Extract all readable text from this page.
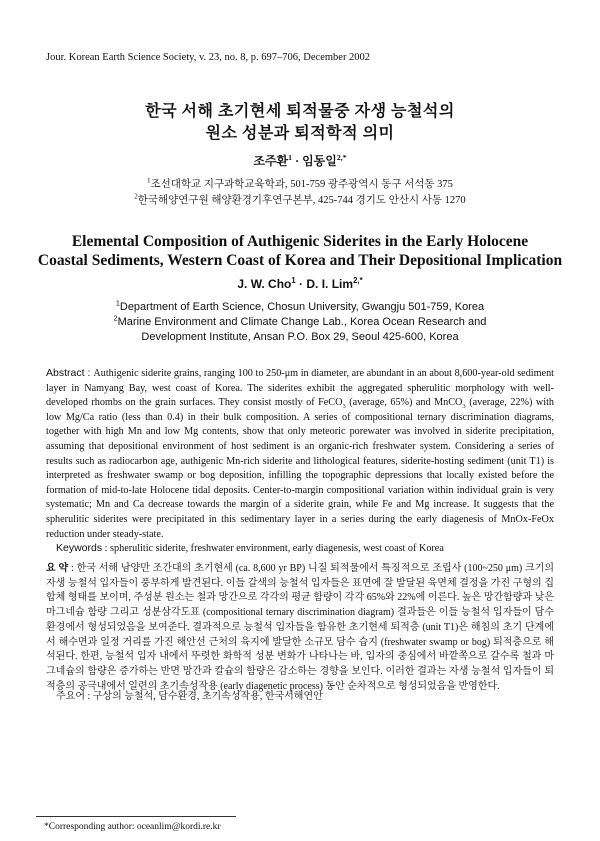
Jour. Korean Earth Science Society, v. 23, no. 8, p. 697–706, December 2002
한국 서해 초기현세 퇴적물중 자생 능철석의
원소 성분과 퇴적학적 의미
조주환$^1$ · 임동일$^{2,*}$
$^1$조선대학교 지구과학교육학과, 501-759 광주광역시 동구 서석동 375
$^2$한국해양연구원 해양환경기후연구본부, 425-744 경기도 안산시 사동 1270
Elemental Composition of Authigenic Siderites in the Early Holocene
Coastal Sediments, Western Coast of Korea and Their Depositional Implication
J. W. Cho$^1$ · D. I. Lim$^{2,*}$
$^1$Department of Earth Science, Chosun University, Gwangju 501-759, Korea
$^2$Marine Environment and Climate Change Lab., Korea Ocean Research and
Development Institute, Ansan P.O. Box 29, Seoul 425-600, Korea
Abstract : Authigenic siderite grains, ranging 100 to 250-μm in diameter, are abundant in an about 8,600-year-old sediment layer in Namyang Bay, west coast of Korea. The siderites exhibit the aggregated spherulitic morphology with well-developed rhombs on the grain surfaces. They consist mostly of FeCO$_3$ (average, 65%) and MnCO$_3$ (average, 22%) with low Mg/Ca ratio (less than 0.4) in their bulk composition. A series of compositional ternary discrimination diagrams, together with high Mn and low Mg contents, show that only meteoric porewater was involved in siderite precipitation, assuming that depositional environment of host sediment is an organic-rich freshwater system. Considering a series of results such as radiocarbon age, authigenic Mn-rich siderite and lithological features, siderite-hosting sediment (unit T1) is interpreted as freshwater swamp or bog deposition, infilling the topographic depressions that locally existed before the formation of mid-to-late Holocene tidal deposits. Center-to-margin compositional variation within individual grain is very systematic; Mn and Ca decrease towards the margin of a siderite grain, while Fe and Mg increase. It suggests that the spherulitic siderites were precipitated in this sedimentary layer in a series during the early diagenesis of MnOx-FeOx reduction under steady-state.
Keywords : spherulitic siderite, freshwater environment, early diagenesis, west coast of Korea
요 약 : 한국 서해 남양만 조간대의 초기현세 (ca. 8,600 yr BP) 니질 퇴적물에서 특징적으로 조립사 (100~250 μm) 크기의 자생 능철석 입자들이 풍부하게 발견된다. 이들 갈색의 능철석 입자들은 표면에 잘 발달된 육면체 결정을 가진 구형의 집합체 형태를 보이며, 주성분 원소는 철과 망간으로 각각의 평균 함량이 각각 65%와 22%에 이른다. 높은 망간함량과 낮은 마그네슘 함량 그리고 성분삼각도표 (compositional ternary discrimination diagram) 결과들은 이들 능철석 입자들이 담수환경에서 형성되었음을 보여준다. 결과적으로 능철석 입자들을 함유한 초기현세 퇴적층 (unit T1)은 해침의 초기 단계에서 해수면과 일정 거리를 가진 해안선 근처의 육지에 발달한 소규모 담수 습지 (freshwater swamp or bog) 퇴적층으로 해석된다. 한편, 능철석 입자 내에서 뚜렷한 화학적 성분 변화가 나타나는 바, 입자의 중심에서 바깥쪽으로 갈수록 철과 마그네슘의 함량은 증가하는 반면 망간과 칼슘의 함량은 감소하는 경향을 보인다. 이러한 결과는 자생 능철석 입자들이 퇴적층의 공극내에서 일련의 초기속성작용 (early diagenetic process) 동안 순차적으로 형성되었음을 반영한다.
주요어 : 구상의 능철석, 담수환경, 초기속성작용, 한국서해연안
*Corresponding author: oceanlim@kordi.re.kr
